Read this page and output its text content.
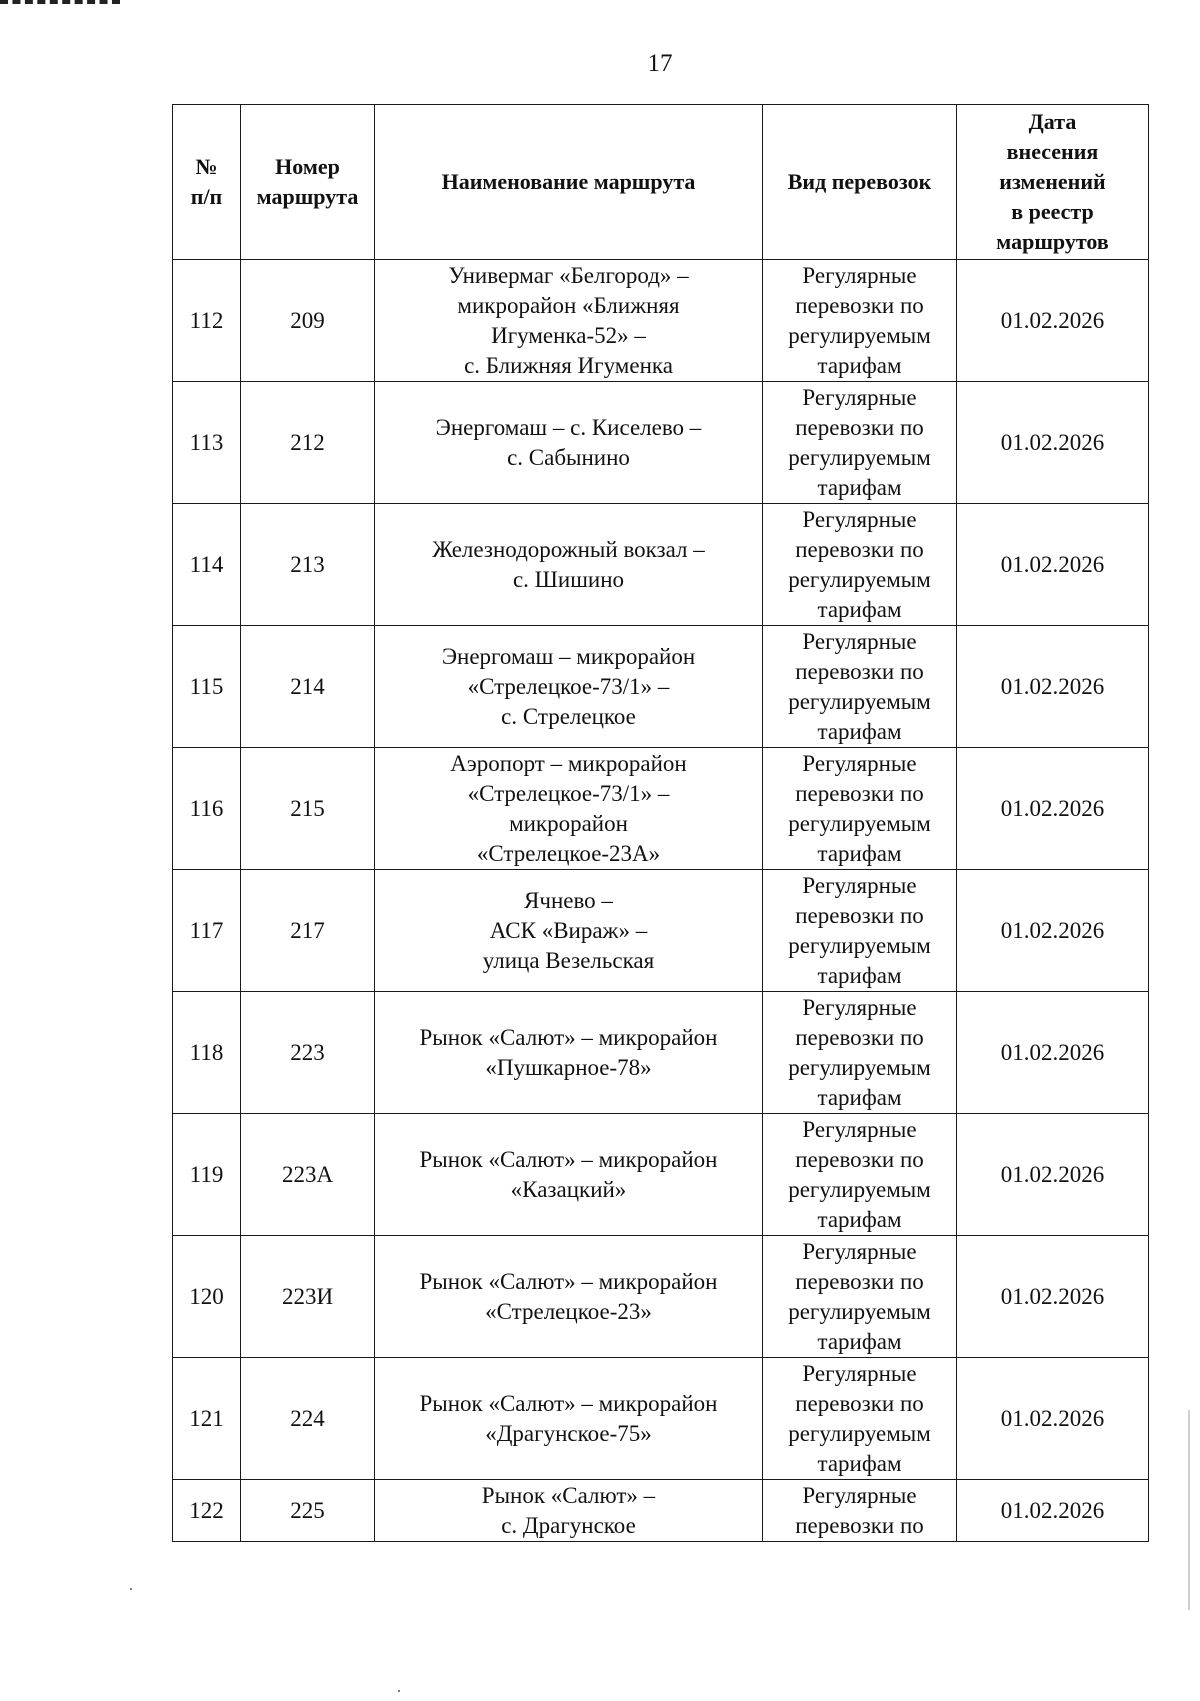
17
№
п/п	Номер
маршрута	Наименование маршрута	Вид перевозок	Дата
внесения
изменений
в реестр
маршрутов

112	209	Универмаг «Белгород» –
микрорайон «Ближняя
Игуменка-52» –
с. Ближняя Игуменка	Регулярные
перевозки по
регулируемым
тарифам	01.02.2026

113	212	Энергомаш – с. Киселево –
с. Сабынино	Регулярные
перевозки по
регулируемым
тарифам	01.02.2026

114	213	Железнодорожный вокзал –
с. Шишино	Регулярные
перевозки по
регулируемым
тарифам	01.02.2026

115	214	Энергомаш – микрорайон
«Стрелецкое-73/1» –
с. Стрелецкое	Регулярные
перевозки по
регулируемым
тарифам	01.02.2026

116	215	Аэропорт – микрорайон
«Стрелецкое-73/1» –
микрорайон
«Стрелецкое-23А»	Регулярные
перевозки по
регулируемым
тарифам	01.02.2026

117	217	Ячнево –
АСК «Вираж» –
улица Везельская	Регулярные
перевозки по
регулируемым
тарифам	01.02.2026

118	223	Рынок «Салют» – микрорайон
«Пушкарное-78»	Регулярные
перевозки по
регулируемым
тарифам	01.02.2026

119	223А	Рынок «Салют» – микрорайон
«Казацкий»	Регулярные
перевозки по
регулируемым
тарифам	01.02.2026

120	223И	Рынок «Салют» – микрорайон
«Стрелецкое-23»	Регулярные
перевозки по
регулируемым
тарифам	01.02.2026

121	224	Рынок «Салют» – микрорайон
«Драгунское-75»	Регулярные
перевозки по
регулируемым
тарифам	01.02.2026

122	225	Рынок «Салют» –
с. Драгунское	Регулярные
перевозки по	01.02.2026
